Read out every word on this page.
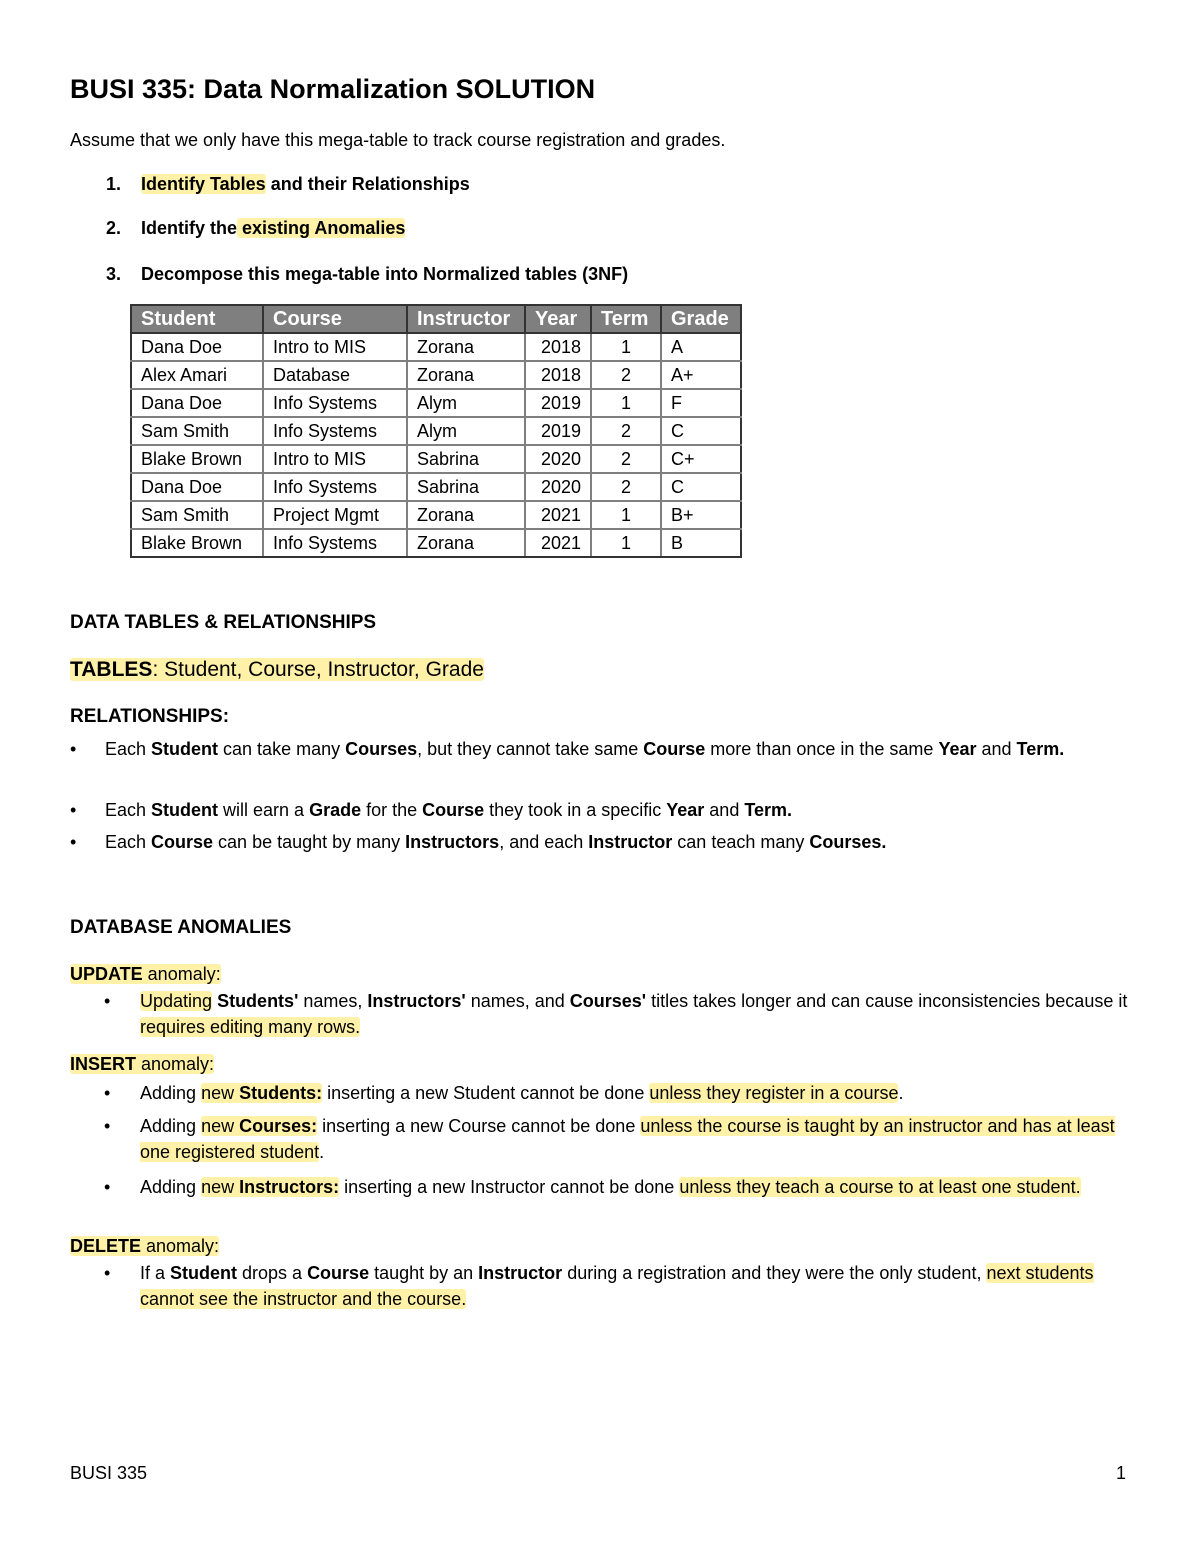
BUSI 335: Data Normalization SOLUTION
Assume that we only have this mega-table to track course registration and grades.
1. Identify Tables and their Relationships
2. Identify the existing Anomalies
3. Decompose this mega-table into Normalized tables (3NF)
Student	Course	Instructor	Year	Term	Grade
Dana Doe	Intro to MIS	Zorana	2018	1	A
Alex Amari	Database	Zorana	2018	2	A+
Dana Doe	Info Systems	Alym	2019	1	F
Sam Smith	Info Systems	Alym	2019	2	C
Blake Brown	Intro to MIS	Sabrina	2020	2	C+
Dana Doe	Info Systems	Sabrina	2020	2	C
Sam Smith	Project Mgmt	Zorana	2021	1	B+
Blake Brown	Info Systems	Zorana	2021	1	B
DATA TABLES & RELATIONSHIPS
TABLES: Student, Course, Instructor, Grade
RELATIONSHIPS:
• Each Student can take many Courses, but they cannot take same Course more than once in the same Year and Term.
• Each Student will earn a Grade for the Course they took in a specific Year and Term.
• Each Course can be taught by many Instructors, and each Instructor can teach many Courses.
DATABASE ANOMALIES
UPDATE anomaly:
• Updating Students' names, Instructors' names, and Courses' titles takes longer and can cause inconsistencies because it requires editing many rows.
INSERT anomaly:
• Adding new Students: inserting a new Student cannot be done unless they register in a course.
• Adding new Courses: inserting a new Course cannot be done unless the course is taught by an instructor and has at least one registered student.
• Adding new Instructors: inserting a new Instructor cannot be done unless they teach a course to at least one student.
DELETE anomaly:
• If a Student drops a Course taught by an Instructor during a registration and they were the only student, next students cannot see the instructor and the course.
BUSI 335	1
